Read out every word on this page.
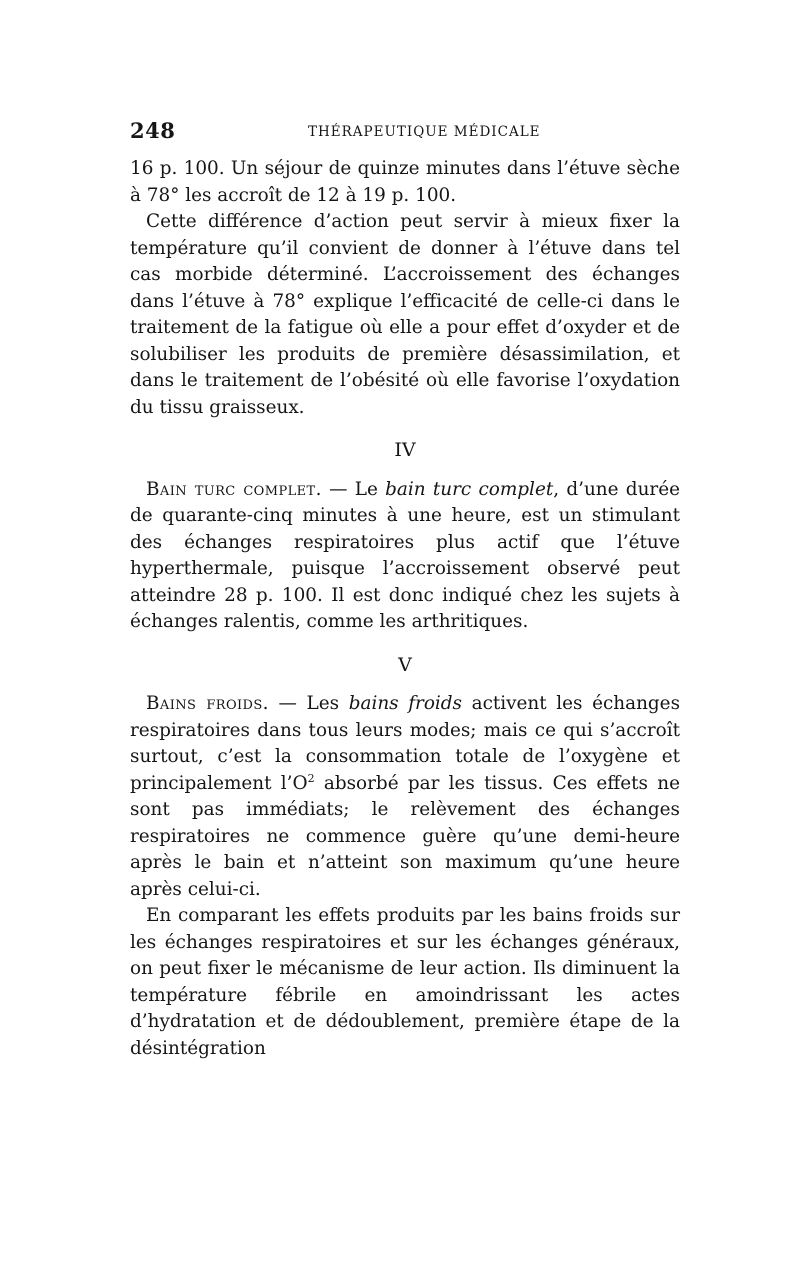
248	THÉRAPEUTIQUE MÉDICALE

16 p. 100. Un séjour de quinze minutes dans l’étuve sèche à 78° les accroît de 12 à 19 p. 100.

Cette différence d’action peut servir à mieux fixer la température qu’il convient de donner à l’étuve dans tel cas morbide déterminé. L’accroissement des échanges dans l’étuve à 78° explique l’efficacité de celle-ci dans le traitement de la fatigue où elle a pour effet d’oxyder et de solubiliser les produits de première désassimilation, et dans le traitement de l’obésité où elle favorise l’oxydation du tissu graisseux.

IV

Bain turc complet. — Le bain turc complet, d’une durée de quarante-cinq minutes à une heure, est un stimulant des échanges respiratoires plus actif que l’étuve hyperthermale, puisque l’accroissement observé peut atteindre 28 p. 100. Il est donc indiqué chez les sujets à échanges ralentis, comme les arthritiques.

V

Bains froids. — Les bains froids activent les échanges respiratoires dans tous leurs modes; mais ce qui s’accroît surtout, c’est la consommation totale de l’oxygène et principalement $l’O^2$ absorbé par les tissus. Ces effets ne sont pas immédiats; le relèvement des échanges respiratoires ne commence guère qu’une demi-heure après le bain et n’atteint son maximum qu’une heure après celui-ci.

En comparant les effets produits par les bains froids sur les échanges respiratoires et sur les échanges généraux, on peut fixer le mécanisme de leur action. Ils diminuent la température fébrile en amoindrissant les actes d’hydratation et de dédoublement, première étape de la désintégration
